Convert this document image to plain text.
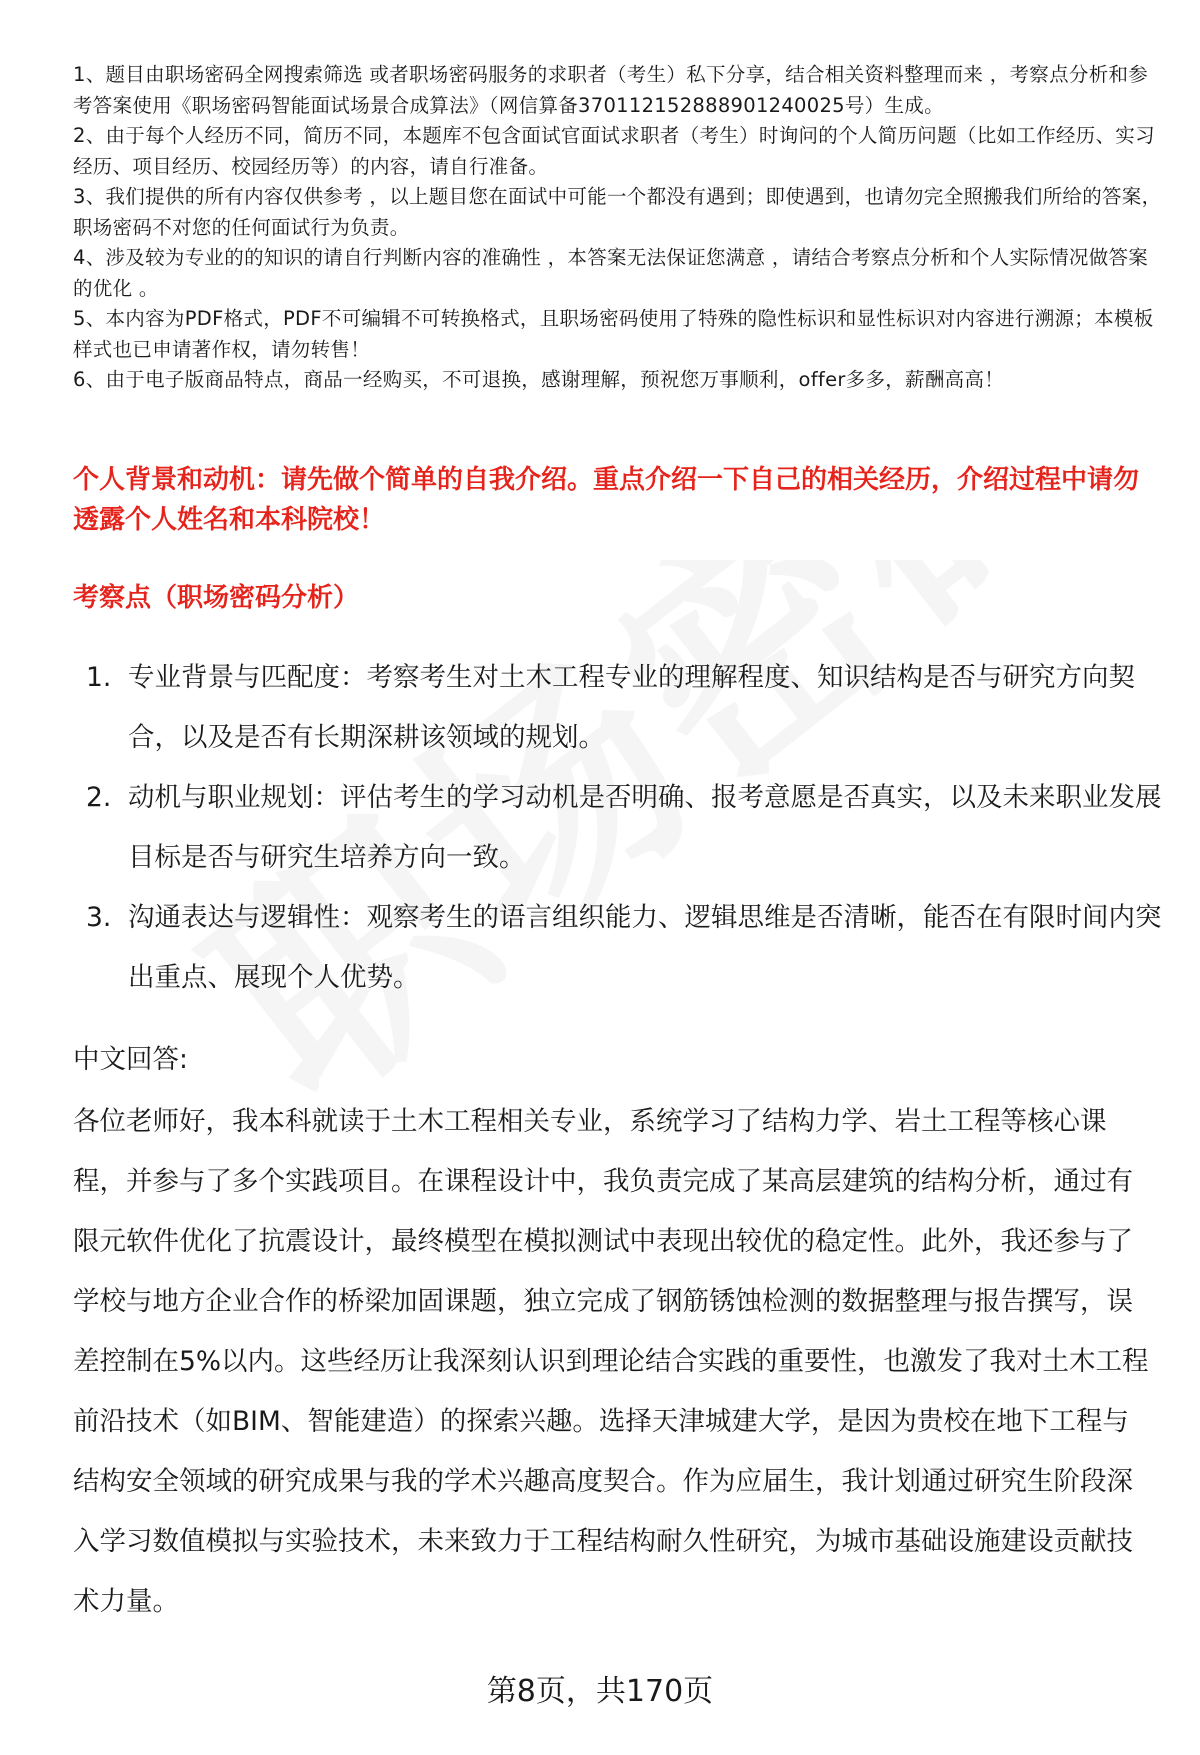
1、题目由职场密码全网搜索筛选 或者职场密码服务的求职者（考生）私下分享，结合相关资料整理而来 ，考察点分析和参考答案使用《职场密码智能面试场景合成算法》（网信算备370112152888901240025号）生成。
2、由于每个人经历不同，简历不同，本题库不包含面试官面试求职者（考生）时询问的个人简历问题（比如工作经历、实习经历、项目经历、校园经历等）的内容，请自行准备。
3、我们提供的所有内容仅供参考 ，以上题目您在面试中可能一个都没有遇到；即使遇到，也请勿完全照搬我们所给的答案，职场密码不对您的任何面试行为负责。
4、涉及较为专业的的知识的请自行判断内容的准确性 ，本答案无法保证您满意 ，请结合考察点分析和个人实际情况做答案的优化 。
5、本内容为PDF格式，PDF不可编辑不可转换格式，且职场密码使用了特殊的隐性标识和显性标识对内容进行溯源；本模板样式也已申请著作权，请勿转售！
6、由于电子版商品特点，商品一经购买，不可退换，感谢理解，预祝您万事顺利，offer多多，薪酬高高！

个人背景和动机：请先做个简单的自我介绍。重点介绍一下自己的相关经历，介绍过程中请勿透露个人姓名和本科院校！

考察点（职场密码分析）

1. 专业背景与匹配度：考察考生对土木工程专业的理解程度、知识结构是否与研究方向契合，以及是否有长期深耕该领域的规划。
2. 动机与职业规划：评估考生的学习动机是否明确、报考意愿是否真实，以及未来职业发展目标是否与研究生培养方向一致。
3. 沟通表达与逻辑性：观察考生的语言组织能力、逻辑思维是否清晰，能否在有限时间内突出重点、展现个人优势。

中文回答:

各位老师好，我本科就读于土木工程相关专业，系统学习了结构力学、岩土工程等核心课程，并参与了多个实践项目。在课程设计中，我负责完成了某高层建筑的结构分析，通过有限元软件优化了抗震设计，最终模型在模拟测试中表现出较优的稳定性。此外，我还参与了学校与地方企业合作的桥梁加固课题，独立完成了钢筋锈蚀检测的数据整理与报告撰写，误差控制在5%以内。这些经历让我深刻认识到理论结合实践的重要性，也激发了我对土木工程前沿技术（如BIM、智能建造）的探索兴趣。选择天津城建大学，是因为贵校在地下工程与结构安全领域的研究成果与我的学术兴趣高度契合。作为应届生，我计划通过研究生阶段深入学习数值模拟与实验技术，未来致力于工程结构耐久性研究，为城市基础设施建设贡献技术力量。

第8页，共170页
